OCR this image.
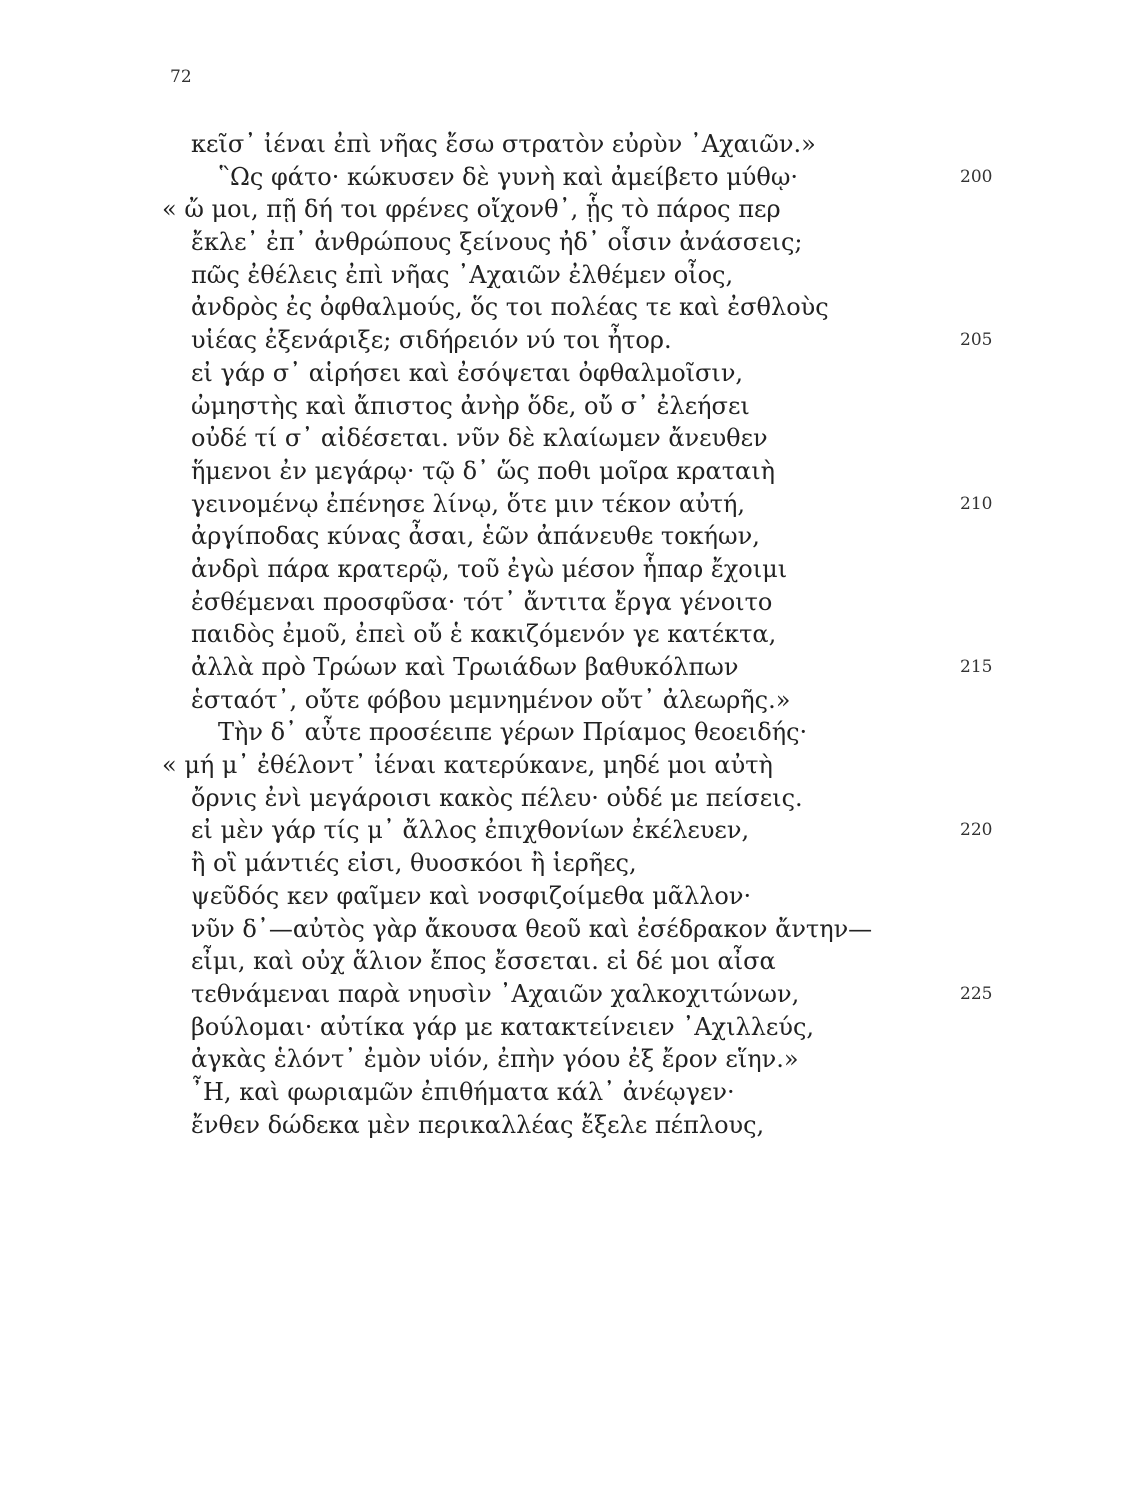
72
κεῖσ᾽ ἰέναι ἐπὶ νῆας ἔσω στρατὸν εὐρὺν ᾽Αχαιῶν.»
῝Ως φάτο· κώκυσεν δὲ γυνὴ καὶ ἀμείβετο μύθῳ·	200
« ὤ μοι, πῇ δή τοι φρένες οἴχονθ᾽, ᾗς τὸ πάρος περ
ἔκλε᾽ ἐπ᾽ ἀνθρώπους ξείνους ἠδ᾽ οἷσιν ἀνάσσεις;
πῶς ἐθέλεις ἐπὶ νῆας ᾽Αχαιῶν ἐλθέμεν οἶος,
ἀνδρὸς ἐς ὀφθαλμούς, ὅς τοι πολέας τε καὶ ἐσθλοὺς
υἱέας ἐξενάριξε; σιδήρειόν νύ τοι ἦτορ.	205
εἰ γάρ σ᾽ αἱρήσει καὶ ἐσόψεται ὀφθαλμοῖσιν,
ὠμηστὴς καὶ ἄπιστος ἀνὴρ ὅδε, οὔ σ᾽ ἐλεήσει
οὐδέ τί σ᾽ αἰδέσεται. νῦν δὲ κλαίωμεν ἄνευθεν
ἥμενοι ἐν μεγάρῳ· τῷ δ᾽ ὥς ποθι μοῖρα κραταιὴ
γεινομένῳ ἐπένησε λίνῳ, ὅτε μιν τέκον αὐτή,	210
ἀργίποδας κύνας ἆσαι, ἑῶν ἀπάνευθε τοκήων,
ἀνδρὶ πάρα κρατερῷ, τοῦ ἐγὼ μέσον ἧπαρ ἔχοιμι
ἐσθέμεναι προσφῦσα· τότ᾽ ἄντιτα ἔργα γένοιτο
παιδὸς ἐμοῦ, ἐπεὶ οὔ ἑ κακιζόμενόν γε κατέκτα,
ἀλλὰ πρὸ Τρώων καὶ Τρωιάδων βαθυκόλπων	215
ἑσταότ᾽, οὔτε φόβου μεμνημένον οὔτ᾽ ἀλεωρῆς.»
Τὴν δ᾽ αὖτε προσέειπε γέρων Πρίαμος θεοειδής·
« μή μ᾽ ἐθέλοντ᾽ ἰέναι κατερύκανε, μηδέ μοι αὐτὴ
ὄρνις ἐνὶ μεγάροισι κακὸς πέλευ· οὐδέ με πείσεις.
εἰ μὲν γάρ τίς μ᾽ ἄλλος ἐπιχθονίων ἐκέλευεν,	220
ἢ οἳ μάντιές εἰσι, θυοσκόοι ἢ ἱερῆες,
ψεῦδός κεν φαῖμεν καὶ νοσφιζοίμεθα μᾶλλον·
νῦν δ᾽—αὐτὸς γὰρ ἄκουσα θεοῦ καὶ ἐσέδρακον ἄντην—
εἶμι, καὶ οὐχ ἅλιον ἔπος ἔσσεται. εἰ δέ μοι αἶσα
τεθνάμεναι παρὰ νηυσὶν ᾽Αχαιῶν χαλκοχιτώνων,	225
βούλομαι· αὐτίκα γάρ με κατακτείνειεν ᾽Αχιλλεύς,
ἀγκὰς ἑλόντ᾽ ἐμὸν υἱόν, ἐπὴν γόου ἐξ ἔρον εἵην.»
῏Η, καὶ φωριαμῶν ἐπιθήματα κάλ᾽ ἀνέῳγεν·
ἔνθεν δώδεκα μὲν περικαλλέας ἔξελε πέπλους,
